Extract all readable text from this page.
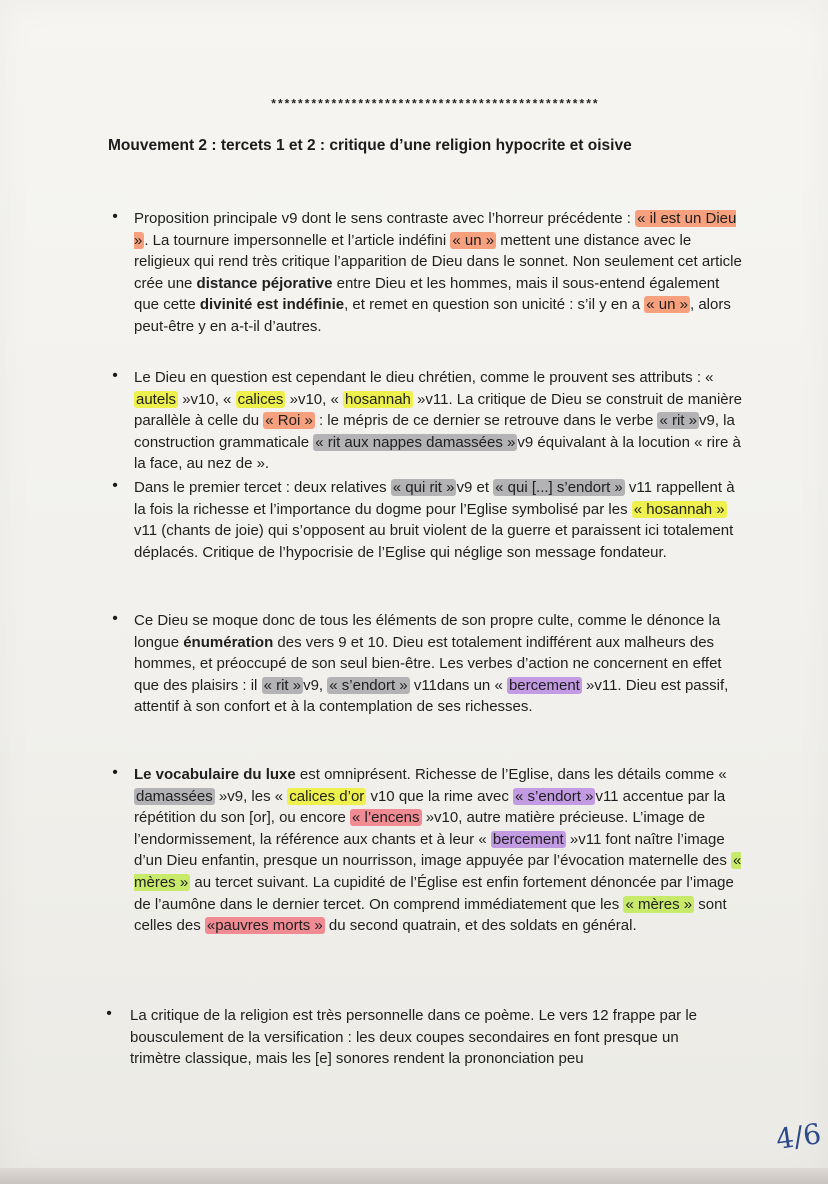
*************************************************
Mouvement 2 : tercets 1 et 2 : critique d’une religion hypocrite et oisive
• Proposition principale v9 dont le sens contraste avec l’horreur précédente : « il est un Dieu » . La tournure impersonnelle et l’article indéfini « un » mettent une distance avec le religieux qui rend très critique l’apparition de Dieu dans le sonnet. Non seulement cet article crée une distance péjorative entre Dieu et les hommes, mais il sous-entend également que cette divinité est indéfinie, et remet en question son unicité : s’il y en a « un » , alors peut-être y en a-t-il d’autres.
• Le Dieu en question est cependant le dieu chrétien, comme le prouvent ses attributs : « autels »v10, « calices »v10, « hosannah »v11. La critique de Dieu se construit de manière parallèle à celle du « Roi » : le mépris de ce dernier se retrouve dans le verbe « rit » v9, la construction grammaticale « rit aux nappes damassées » v9 équivalant à la locution « rire à la face, au nez de ».
• Dans le premier tercet : deux relatives « qui rit » v9 et « qui [...] s’endort » v11 rappellent à la fois la richesse et l’importance du dogme pour l’Eglise symbolisé par les « hosannah » v11 (chants de joie) qui s’opposent au bruit violent de la guerre et paraissent ici totalement déplacés. Critique de l’hypocrisie de l’Eglise qui néglige son message fondateur.
• Ce Dieu se moque donc de tous les éléments de son propre culte, comme le dénonce la longue énumération des vers 9 et 10. Dieu est totalement indifférent aux malheurs des hommes, et préoccupé de son seul bien-être. Les verbes d’action ne concernent en effet que des plaisirs : il « rit » v9, « s’endort » v11dans un « bercement »v11. Dieu est passif, attentif à son confort et à la contemplation de ses richesses.
• Le vocabulaire du luxe est omniprésent. Richesse de l’Eglise, dans les détails comme « damassées »v9, les « calices d’or v10 que la rime avec « s’endort » v11 accentue par la répétition du son [or], ou encore « l’encens »v10, autre matière précieuse. L’image de l’endormissement, la référence aux chants et à leur « bercement »v11 font naître l’image d’un Dieu enfantin, presque un nourrisson, image appuyée par l’évocation maternelle des « mères » au tercet suivant. La cupidité de l’Église est enfin fortement dénoncée par l’image de l’aumône dans le dernier tercet. On comprend immédiatement que les « mères » sont celles des «pauvres morts » du second quatrain, et des soldats en général.
• La critique de la religion est très personnelle dans ce poème. Le vers 12 frappe par le bousculement de la versification : les deux coupes secondaires en font presque un trimètre classique, mais les [e] sonores rendent la prononciation peu
4/6
